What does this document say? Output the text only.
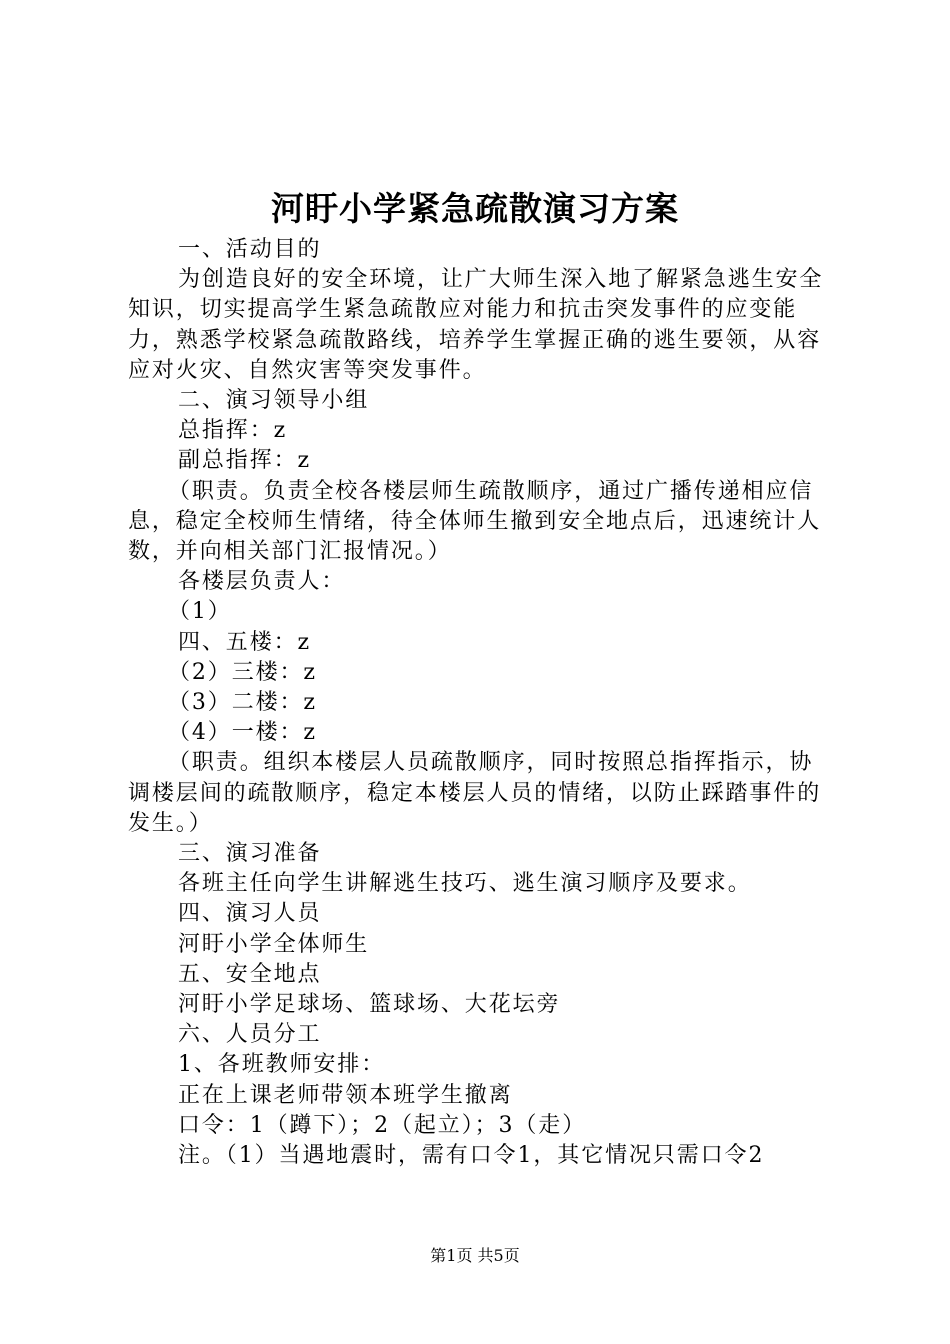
河盱小学紧急疏散演习方案

一、活动目的

为创造良好的安全环境，让广大师生深入地了解紧急逃生安全知识，切实提高学生紧急疏散应对能力和抗击突发事件的应变能力，熟悉学校紧急疏散路线，培养学生掌握正确的逃生要领，从容应对火灾、自然灾害等突发事件。

二、演习领导小组

总指挥：z

副总指挥：z

（职责。负责全校各楼层师生疏散顺序，通过广播传递相应信息，稳定全校师生情绪，待全体师生撤到安全地点后，迅速统计人数，并向相关部门汇报情况。）

各楼层负责人：

（1）

四、五楼：z

（2）三楼：z

（3）二楼：z

（4）一楼：z

（职责。组织本楼层人员疏散顺序，同时按照总指挥指示，协调楼层间的疏散顺序，稳定本楼层人员的情绪，以防止踩踏事件的发生。）

三、演习准备

各班主任向学生讲解逃生技巧、逃生演习顺序及要求。

四、演习人员

河盱小学全体师生

五、安全地点

河盱小学足球场、篮球场、大花坛旁

六、人员分工

1、各班教师安排：

正在上课老师带领本班学生撤离

口令：1（蹲下）；2（起立）；3（走）

注。（1）当遇地震时，需有口令1，其它情况只需口令2

第1页 共5页
